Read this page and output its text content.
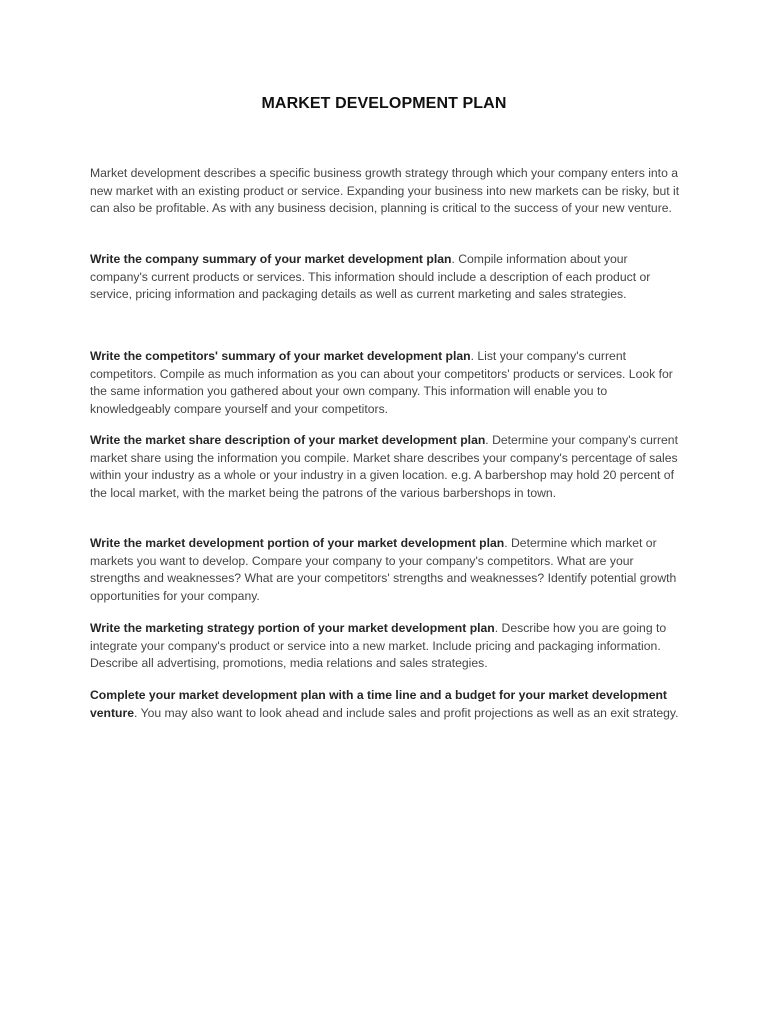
MARKET DEVELOPMENT PLAN

Market development describes a specific business growth strategy through which your company enters into a new market with an existing product or service. Expanding your business into new markets can be risky, but it can also be profitable. As with any business decision, planning is critical to the success of your new venture.

Write the company summary of your market development plan. Compile information about your company's current products or services. This information should include a description of each product or service, pricing information and packaging details as well as current marketing and sales strategies.

Write the competitors' summary of your market development plan. List your company's current competitors. Compile as much information as you can about your competitors' products or services. Look for the same information you gathered about your own company. This information will enable you to knowledgeably compare yourself and your competitors.

Write the market share description of your market development plan. Determine your company's current market share using the information you compile. Market share describes your company's percentage of sales within your industry as a whole or your industry in a given location. e.g. A barbershop may hold 20 percent of the local market, with the market being the patrons of the various barbershops in town.

Write the market development portion of your market development plan. Determine which market or markets you want to develop. Compare your company to your company's competitors. What are your strengths and weaknesses? What are your competitors' strengths and weaknesses? Identify potential growth opportunities for your company.

Write the marketing strategy portion of your market development plan. Describe how you are going to integrate your company's product or service into a new market. Include pricing and packaging information. Describe all advertising, promotions, media relations and sales strategies.

Complete your market development plan with a time line and a budget for your market development venture. You may also want to look ahead and include sales and profit projections as well as an exit strategy.
